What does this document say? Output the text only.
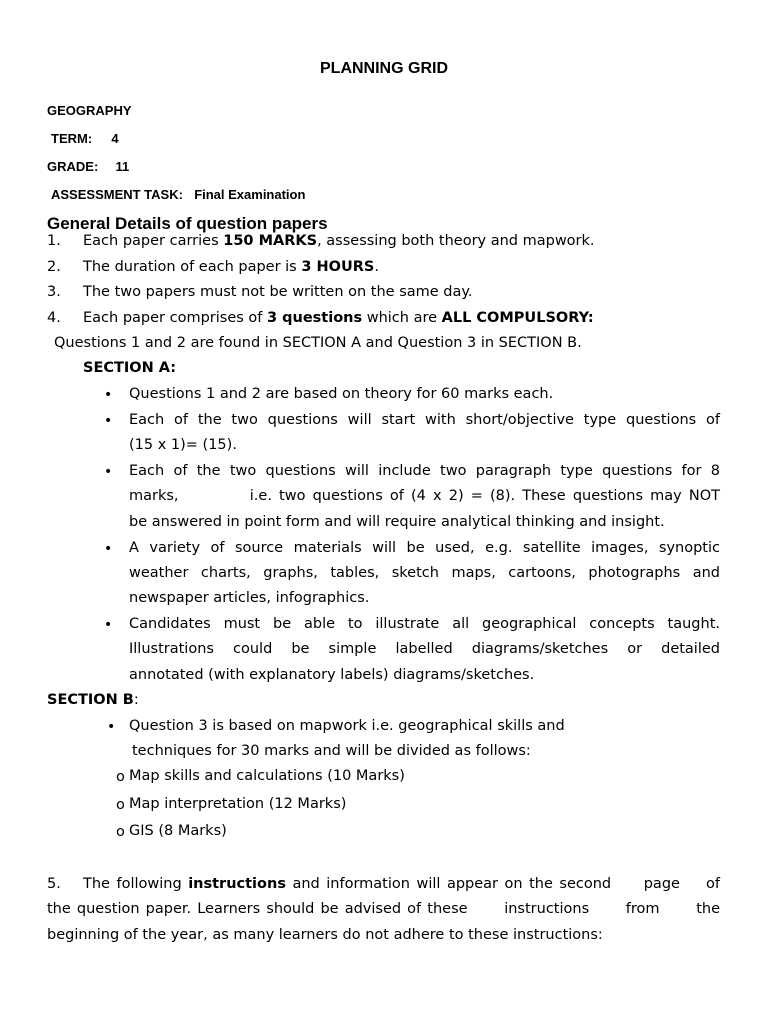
PLANNING GRID
GEOGRAPHY
TERM: 4
GRADE: 11
ASSESSMENT TASK: Final Examination
General Details of question papers
1.	Each paper carries 150 MARKS, assessing both theory and mapwork.
2.	The duration of each paper is 3 HOURS.
3.	The two papers must not be written on the same day.
4.	Each paper comprises of 3 questions which are ALL COMPULSORY:
Questions 1 and 2 are found in SECTION A and Question 3 in SECTION B.
SECTION A:
• Questions 1 and 2 are based on theory for 60 marks each.
• Each of the two questions will start with short/objective type questions of
(15 x 1)= (15).
• Each of the two questions will include two paragraph type questions for 8
marks,          i.e. two questions of (4 x 2) = (8). These questions may NOT
be answered in point form and will require analytical thinking and insight.
• A variety of source materials will be used, e.g. satellite images, synoptic
weather charts, graphs, tables, sketch maps, cartoons, photographs and
newspaper articles, infographics.
• Candidates must be able to illustrate all geographical concepts taught.
Illustrations could be simple labelled diagrams/sketches or detailed
annotated (with explanatory labels) diagrams/sketches.
SECTION B:
• Question 3 is based on mapwork i.e. geographical skills and
techniques for 30 marks and will be divided as follows:
o Map skills and calculations (10 Marks)
o Map interpretation (12 Marks)
o GIS (8 Marks)
5. The following instructions and information will appear on the second     page    of
the question paper. Learners should be advised of these      instructions      from      the
beginning of the year, as many learners do not adhere to these instructions:
